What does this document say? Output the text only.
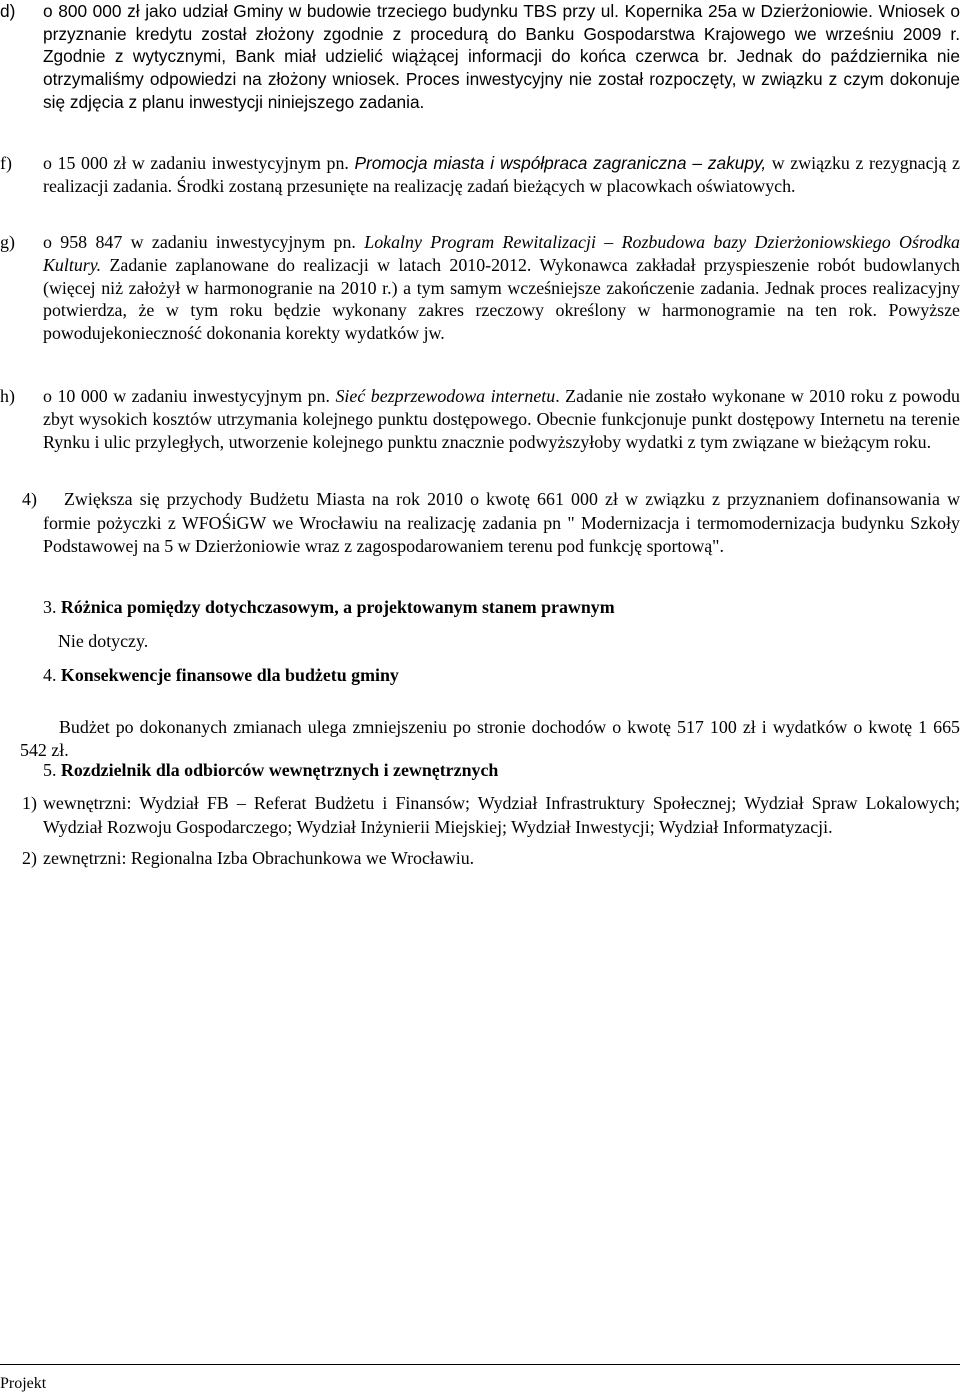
d) o 800 000 zł jako udział Gminy w budowie trzeciego budynku TBS przy ul. Kopernika 25a w Dzierżoniowie. Wniosek o przyznanie kredytu został złożony zgodnie z procedurą do Banku Gospodarstwa Krajowego we wrześniu 2009 r. Zgodnie z wytycznymi, Bank miał udzielić wiążącej informacji do końca czerwca br. Jednak do października nie otrzymaliśmy odpowiedzi na złożony wniosek. Proces inwestycyjny nie został rozpoczęty, w związku z czym dokonuje się zdjęcia z planu inwestycji niniejszego zadania.

f) o 15 000 zł w zadaniu inwestycyjnym pn. Promocja miasta i współpraca zagraniczna – zakupy, w związku z rezygnacją z realizacji zadania. Środki zostaną przesunięte na realizację zadań bieżących w placowkach oświatowych.

g) o 958 847 w zadaniu inwestycyjnym pn. Lokalny Program Rewitalizacji – Rozbudowa bazy Dzierżoniowskiego Ośrodka Kultury. Zadanie zaplanowane do realizacji w latach 2010-2012. Wykonawca zakładał przyspieszenie robót budowlanych (więcej niż założył w harmonogranie na 2010 r.) a tym samym wcześniejsze zakończenie zadania. Jednak proces realizacyjny potwierdza, że w tym roku będzie wykonany zakres rzeczowy określony w harmonogramie na ten rok. Powyższe powodujekonieczność dokonania korekty wydatków jw.

h) o 10 000 w zadaniu inwestycyjnym pn. Sieć bezprzewodowa internetu. Zadanie nie zostało wykonane w 2010 roku z powodu zbyt wysokich kosztów utrzymania kolejnego punktu dostępowego. Obecnie funkcjonuje punkt dostępowy Internetu na terenie Rynku i ulic przyległych, utworzenie kolejnego punktu znacznie podwyższyłoby wydatki z tym związane w bieżącym roku.

4)	Zwiększa się przychody Budżetu Miasta na rok 2010 o kwotę 661 000 zł w związku z przyznaniem dofinansowania w formie pożyczki z WFOŚiGW we Wrocławiu na realizację zadania pn " Modernizacja i termomodernizacja budynku Szkoły Podstawowej na 5 w Dzierżoniowie wraz z zagospodarowaniem terenu pod funkcję sportową".

3. Różnica pomiędzy dotychczasowym, a projektowanym stanem prawnym
Nie dotyczy.
4. Konsekwencje finansowe dla budżetu gminy

Budżet po dokonanych zmianach ulega zmniejszeniu po stronie dochodów o kwotę 517 100 zł i wydatków o kwotę 1 665 542 zł.

5. Rozdzielnik dla odbiorców wewnętrznych i zewnętrznych
1) wewnętrzni: Wydział FB – Referat Budżetu i Finansów; Wydział Infrastruktury Społecznej; Wydział Spraw Lokalowych; Wydział Rozwoju Gospodarczego; Wydział Inżynierii Miejskiej; Wydział Inwestycji; Wydział Informatyzacji.

2) zewnętrzni: Regionalna Izba Obrachunkowa we Wrocławiu.

Projekt
